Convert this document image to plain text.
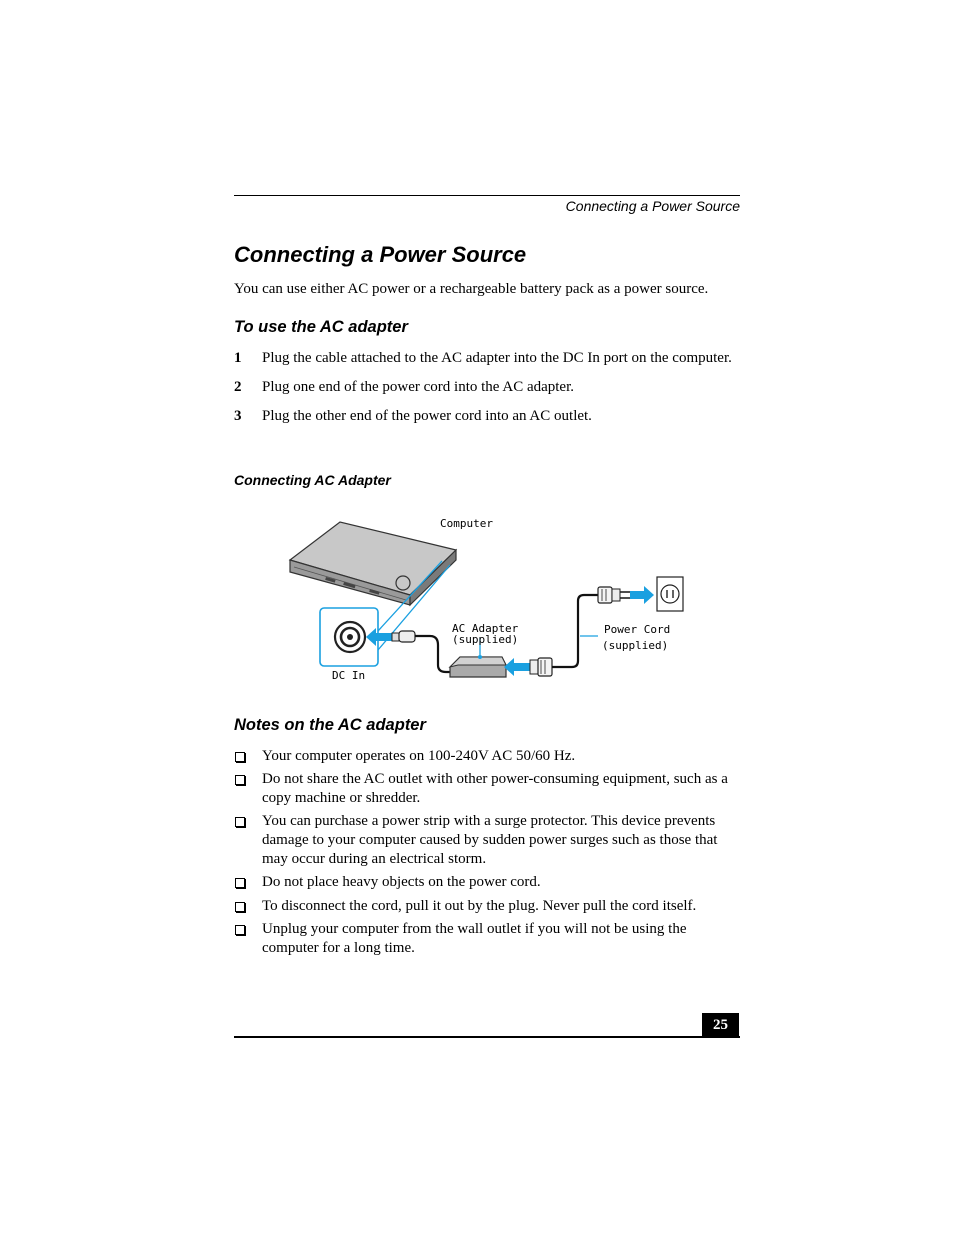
Connecting a Power Source
Connecting a Power Source
You can use either AC power or a rechargeable battery pack as a power source.
To use the AC adapter
1 Plug the cable attached to the AC adapter into the DC In port on the computer.
2 Plug one end of the power cord into the AC adapter.
3 Plug the other end of the power cord into an AC outlet.
Connecting AC Adapter
Computer
AC Adapter
(supplied)
Power Cord
(supplied)
DC In
Notes on the AC adapter
Your computer operates on 100-240V AC 50/60 Hz.
Do not share the AC outlet with other power-consuming equipment, such as a copy machine or shredder.
You can purchase a power strip with a surge protector. This device prevents damage to your computer caused by sudden power surges such as those that may occur during an electrical storm.
Do not place heavy objects on the power cord.
To disconnect the cord, pull it out by the plug. Never pull the cord itself.
Unplug your computer from the wall outlet if you will not be using the computer for a long time.
25
